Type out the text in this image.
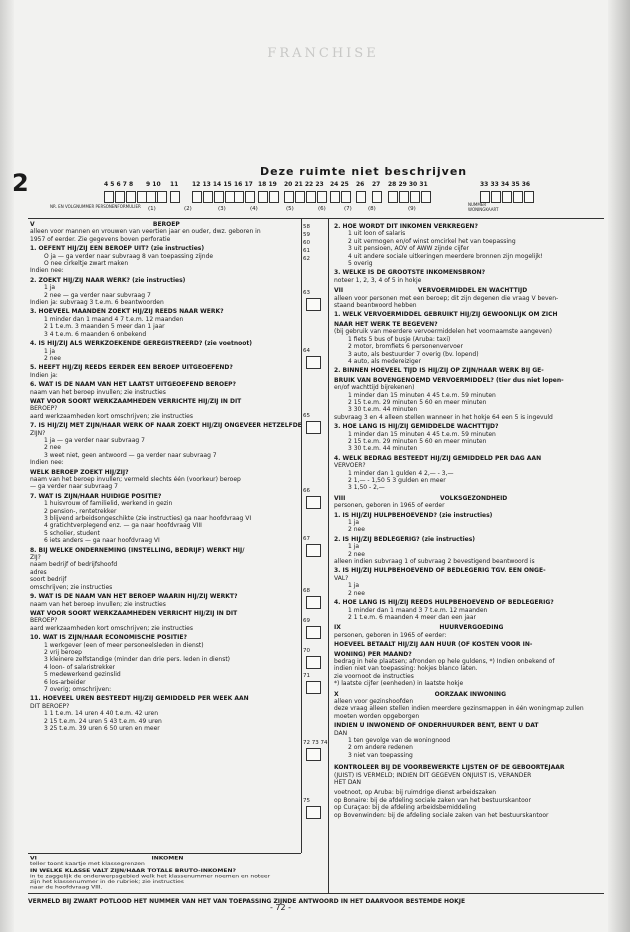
FRANCHISE
Deze ruimte niet beschrijven
2	4 5 6 7 8 9 10 11 12 13 14 15 16 17 18 19 20 21 22 23 24 25 26 27 28 29 30 31	33 33 34 35 36
(1)	(2)	(3)	(4)	(5)	(6)	(7)	(8)	(9)
NR. EN VOLGNUMMER PERSONENFORMULIER	NUMMER WONINGKAART
V	BEROEP

alleen voor mannen en vrouwen van veertien jaar en ouder, dwz. geboren in

1957 of eerder. Zie gegevens boven perforatie

1. OEFENT HIJ/ZIJ EEN BEROEP UIT? (zie instructies)

O ja — ga verder naar subvraag 8 van toepassing zijnde

O nee cirkeltje zwart maken

Indien nee:

2. ZOEKT HIJ/ZIJ NAAR WERK? (zie instructies)

1 ja

2 nee — ga verder naar subvraag 7

Indien ja: subvraag 3 t.e.m. 6 beantwoorden

3. HOEVEEL MAANDEN ZOEKT HIJ/ZIJ REEDS NAAR WERK?

1 minder dan 1 maand 4 7 t.e.m. 12 maanden

2 1 t.e.m. 3 maanden 5 meer dan 1 jaar

3 4 t.e.m. 6 maanden 6 onbekend

4. IS HIJ/ZIJ ALS WERKZOEKENDE GEREGISTREERD? (zie voetnoot)

1 ja

2 nee

5. HEEFT HIJ/ZIJ REEDS EERDER EEN BEROEP UITGEOEFEND?

Indien ja:

6. WAT IS DE NAAM VAN HET LAATST UITGEOEFEND BEROEP?

naam van het beroep invullen; zie instructies

WAT VOOR SOORT WERKZAAMHEDEN VERRICHTE HIJ/ZIJ IN DIT

BEROEP?

aard werkzaamheden kort omschrijven; zie instructies

7. IS HIJ/ZIJ MET ZIJN/HAAR WERK OF NAAR ZOEKT HIJ/ZIJ ONGEVEER HETZELFDE

ZIJN?

1 ja — ga verder naar subvraag 7

2 nee

3 weet niet, geen antwoord — ga verder naar subvraag 7

Indien nee:

WELK BEROEP ZOEKT HIJ/ZIJ?

naam van het beroep invullen; vermeld slechts één (voorkeur) beroep

— ga verder naar subvraag 7

7. WAT IS ZIJN/HAAR HUIDIGE POSITIE?

1 huisvrouw of familielid, werkend in gezin

2 pension-, rentetrekker

3 blijvend arbeidsongeschikte (zie instructies) ga naar hoofdvraag VI

4 gratichtverplegend enz. — ga naar hoofdvraag VIII

5 scholier, student

6 iets anders — ga naar hoofdvraag VI

8. BIJ WELKE ONDERNEMING (INSTELLING, BEDRIJF) WERKT HIJ/

ZIJ?

naam bedrijf of bedrijfshoofd

adres

soort bedrijf

omschrijven; zie instructies

9. WAT IS DE NAAM VAN HET BEROEP WAARIN HIJ/ZIJ WERKT?

naam van het beroep invullen; zie instructies

WAT VOOR SOORT WERKZAAMHEDEN VERRICHT HIJ/ZIJ IN DIT

BEROEP?

aard werkzaamheden kort omschrijven; zie instructies

10. WAT IS ZIJN/HAAR ECONOMISCHE POSITIE?

1 werkgever (een of meer personeelsleden in dienst)

2 vrij beroep

3 kleinere zelfstandige (minder dan drie pers. leden in dienst)

4 loon- of salaristrekker

5 medewerkend gezinslid

6 los-arbeider

7 overig; omschrijven:

11. HOEVEEL UREN BESTEEDT HIJ/ZIJ GEMIDDELD PER WEEK AAN

DIT BEROEP?

1 1 t.e.m. 14 uren 4 40 t.e.m. 42 uren

2 15 t.e.m. 24 uren 5 43 t.e.m. 49 uren

3 25 t.e.m. 39 uren 6 50 uren en meer

VI	INKOMEN

teller toont kaartje met klassegrenzen

IN WELKE KLASSE VALT ZIJN/HAAR TOTALE BRUTO-INKOMEN?

in te zaggelijk de onderwerpsgebied welk het klassenummer noemen en noteer

zijn het klassenummer in de rubriek; zie instructies

naar de hoofdvraag VIII.

58
59
60
61
62
63
64
65
66
67
68
69
70
71
72 73 74
75

2. HOE WORDT DIT INKOMEN VERKREGEN?

1 uit loon of salaris

2 uit vermogen en/of winst omcirkel het van toepassing

3 uit pensioen, AOV of AWW zijnde cijfer

4 uit andere sociale uitkeringen meerdere bronnen zijn mogelijk!

5 overig

3. WELKE IS DE GROOTSTE INKOMENSBRON?

noteer 1, 2, 3, 4 of 5 in hokje

VII	VERVOERMIDDEL EN WACHTTIJD

alleen voor personen met een beroep; dit zijn degenen die vraag V beven-

staand beantwoord hebben

1. WELK VERVOERMIDDEL GEBRUIKT HIJ/ZIJ GEWOONLIJK OM ZICH

NAAR HET WERK TE BEGEVEN?

(bij gebruik van meerdere vervoermiddelen het voornaamste aangeven)

1 fiets 5 bus of busje (Aruba: taxi)

2 motor, bromfiets 6 personenvervoer

3 auto, als bestuurder 7 overig (bv. lopend)

4 auto, als medereiziger

2. BINNEN HOEVEEL TIJD IS HIJ/ZIJ OP ZIJN/HAAR WERK BIJ GE-

BRUIK VAN BOVENGENOEMD VERVOERMIDDEL? (tier dus niet lopen-

en/of wachttijd bijrekenen)

1 minder dan 15 minuten 4 45 t.e.m. 59 minuten

2 15 t.e.m. 29 minuten 5 60 en meer minuten

3 30 t.e.m. 44 minuten

subvraag 3 en 4 alleen stellen wanneer in het hokje 64 een 5 is ingevuld

3. HOE LANG IS HIJ/ZIJ GEMIDDELDE WACHTTIJD?

1 minder dan 15 minuten 4 45 t.e.m. 59 minuten

2 15 t.e.m. 29 minuten 5 60 en meer minuten

3 30 t.e.m. 44 minuten

4. WELK BEDRAG BESTEEDT HIJ/ZIJ GEMIDDELD PER DAG AAN

VERVOER?

1 minder dan 1 gulden 4 2,— - 3,—

2 1,— - 1,50 5 3 gulden en meer

3 1,50 - 2,—

VIII	VOLKSGEZONDHEID

personen, geboren in 1965 of eerder

1. IS HIJ/ZIJ HULPBEHOEVEND? (zie instructies)

1 ja

2 nee

2. IS HIJ/ZIJ BEDLEGERIG? (zie instructies)

1 ja

2 nee

alleen indien subvraag 1 of subvraag 2 bevestigend beantwoord is

3. IS HIJ/ZIJ HULPBEHOEVEND OF BEDLEGERIG TGV. EEN ONGE-

VAL?

1 ja

2 nee

4. HOE LANG IS HIJ/ZIJ REEDS HULPBEHOEVEND OF BEDLEGERIG?

1 minder dan 1 maand 3 7 t.e.m. 12 maanden

2 1 t.e.m. 6 maanden 4 meer dan een jaar

IX	HUURVERGOEDING

personen, geboren in 1965 of eerder:

HOEVEEL BETAALT HIJ/ZIJ AAN HUUR (OF KOSTEN VOOR IN-

WONING) PER MAAND?

bedrag in hele plaatsen; afronden op hele guldens, *) Indien onbekend of

indien niet van toepassing: hokjes blanco laten.

zie voornoot de instructies

*) laatste cijfer (eenheden) in laatste hokje

X	OORZAAK INWONING

alleen voor gezinshoofden

deze vraag alleen stellen indien meerdere gezinsmappen in één woningmap zullen

moeten worden opgeborgen

INDIEN U INWONEND OF ONDERHUURDER BENT, BENT U DAT

DAN

1 ten gevolge van de woningnood

2 om andere redenen

3 niet van toepassing

KONTROLEER BIJ DE VOORBEWERKTE LIJSTEN OF DE GEBOORTEJAAR

(JUIST) IS VERMELD; INDIEN DIT GEGEVEN ONJUIST IS, VERANDER

HET DAN

voetnoot, op Aruba: bij ruimdrige dienst arbeidszaken

op Bonaire: bij de afdeling sociale zaken van het bestuurskantoor

op Curaçao: bij de afdeling arbeidsbemiddeling

op Bovenwinden: bij de afdeling sociale zaken van het bestuurskantoor

VERMELD BIJ ZWART POTLOOD HET NUMMER VAN HET VAN TOEPASSING ZIJNDE ANTWOORD IN HET DAARVOOR BESTEMDE HOKJE
- 72 -
